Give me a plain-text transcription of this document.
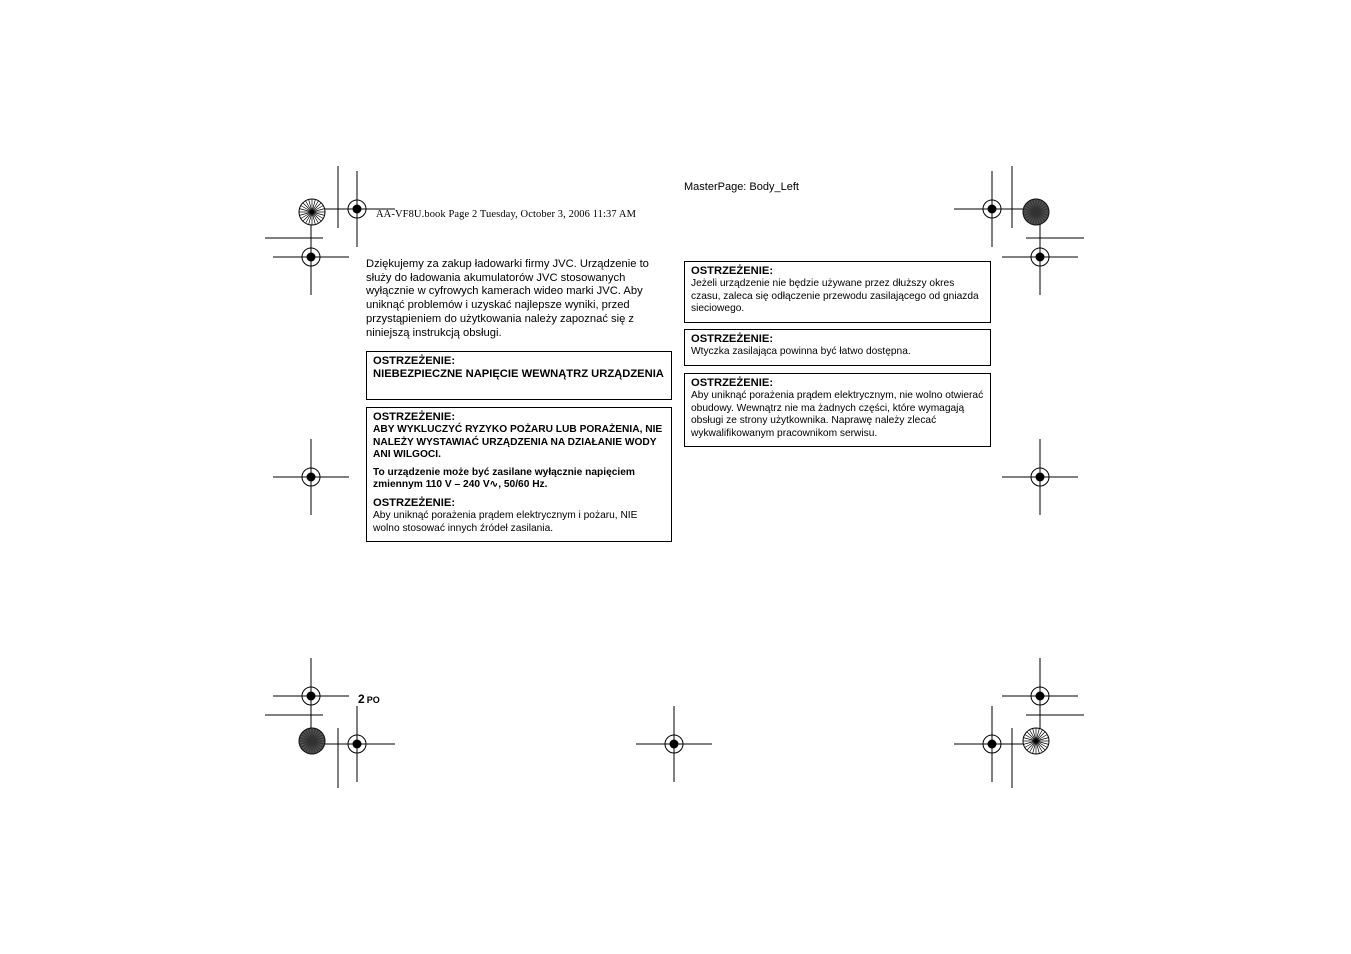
MasterPage: Body_Left
AA-VF8U.book Page 2 Tuesday, October 3, 2006 11:37 AM
Dziękujemy za zakup ładowarki firmy JVC. Urządzenie to służy do ładowania akumulatorów JVC stosowanych wyłącznie w cyfrowych kamerach wideo marki JVC. Aby uniknąć problemów i uzyskać najlepsze wyniki, przed przystąpieniem do użytkowania należy zapoznać się z niniejszą instrukcją obsługi.
OSTRZEŻENIE:
NIEBEZPIECZNE NAPIĘCIE WEWNĄTRZ URZĄDZENIA
OSTRZEŻENIE:
ABY WYKLUCZYĆ RYZYKO POŻARU LUB PORAŻENIA, NIE NALEŻY WYSTAWIAĆ URZĄDZENIA NA DZIAŁANIE WODY ANI WILGOCI.
To urządzenie może być zasilane wyłącznie napięciem zmiennym 110 V – 240 V∿, 50/60 Hz.
OSTRZEŻENIE:
Aby uniknąć porażenia prądem elektrycznym i pożaru, NIE wolno stosować innych źródeł zasilania.
OSTRZEŻENIE:
Jeżeli urządzenie nie będzie używane przez dłuższy okres czasu, zaleca się odłączenie przewodu zasilającego od gniazda sieciowego.
OSTRZEŻENIE:
Wtyczka zasilająca powinna być łatwo dostępna.
OSTRZEŻENIE:
Aby uniknąć porażenia prądem elektrycznym, nie wolno otwierać obudowy. Wewnątrz nie ma żadnych części, które wymagają obsługi ze strony użytkownika. Naprawę należy zlecać wykwalifikowanym pracownikom serwisu.
2 PO
